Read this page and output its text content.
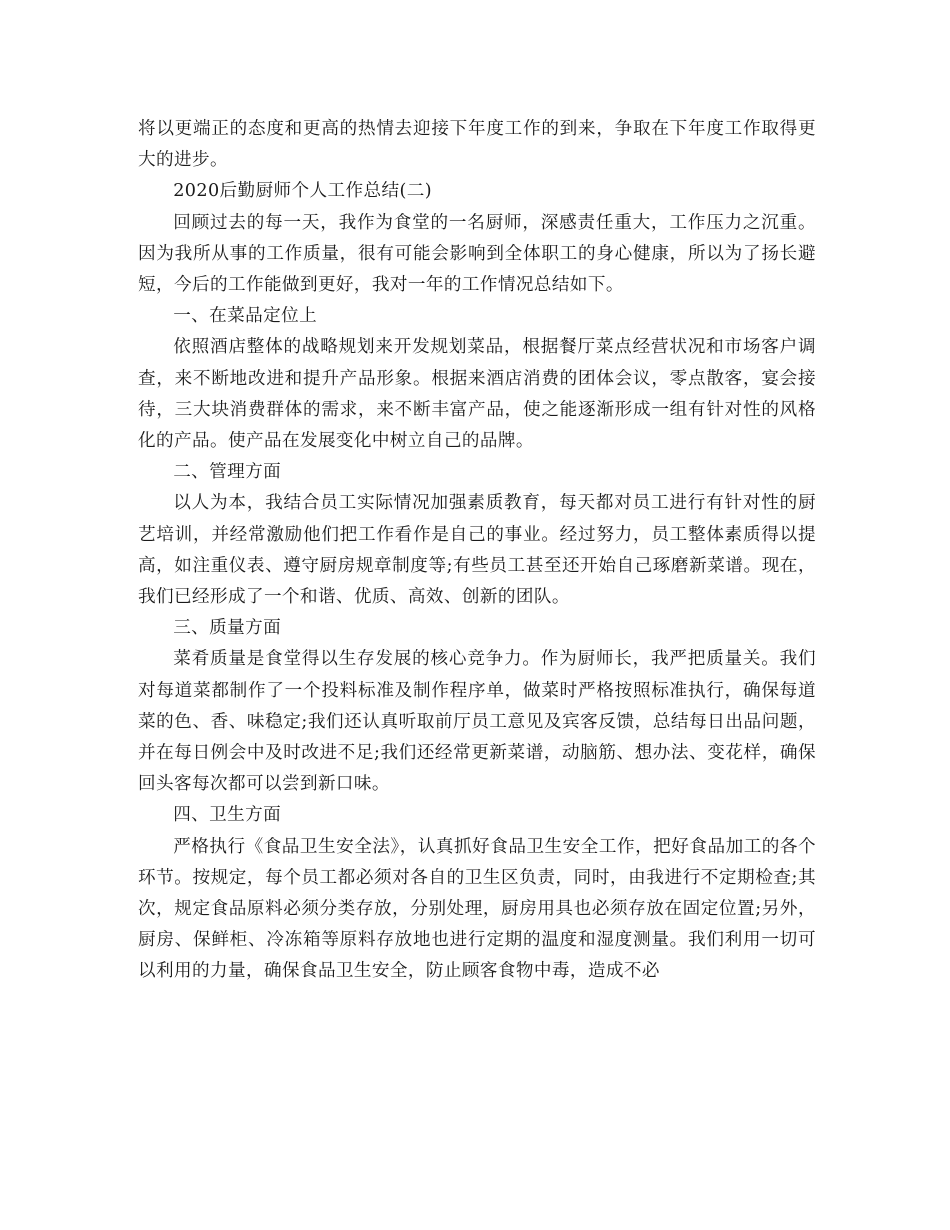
将以更端正的态度和更高的热情去迎接下年度工作的到来，争取在下年度工作取得更大的进步。

2020后勤厨师个人工作总结(二)

回顾过去的每一天，我作为食堂的一名厨师，深感责任重大，工作压力之沉重。因为我所从事的工作质量，很有可能会影响到全体职工的身心健康，所以为了扬长避短，今后的工作能做到更好，我对一年的工作情况总结如下。

一、在菜品定位上

依照酒店整体的战略规划来开发规划菜品，根据餐厅菜点经营状况和市场客户调查，来不断地改进和提升产品形象。根据来酒店消费的团体会议，零点散客，宴会接待，三大块消费群体的需求，来不断丰富产品，使之能逐渐形成一组有针对性的风格化的产品。使产品在发展变化中树立自己的品牌。

二、管理方面

以人为本，我结合员工实际情况加强素质教育，每天都对员工进行有针对性的厨艺培训，并经常激励他们把工作看作是自己的事业。经过努力，员工整体素质得以提高，如注重仪表、遵守厨房规章制度等;有些员工甚至还开始自己琢磨新菜谱。现在，我们已经形成了一个和谐、优质、高效、创新的团队。

三、质量方面

菜肴质量是食堂得以生存发展的核心竞争力。作为厨师长，我严把质量关。我们对每道菜都制作了一个投料标准及制作程序单，做菜时严格按照标准执行，确保每道菜的色、香、味稳定;我们还认真听取前厅员工意见及宾客反馈，总结每日出品问题，并在每日例会中及时改进不足;我们还经常更新菜谱，动脑筋、想办法、变花样，确保回头客每次都可以尝到新口味。

四、卫生方面

严格执行《食品卫生安全法》，认真抓好食品卫生安全工作，把好食品加工的各个环节。按规定，每个员工都必须对各自的卫生区负责，同时，由我进行不定期检查;其次，规定食品原料必须分类存放，分别处理，厨房用具也必须存放在固定位置;另外，厨房、保鲜柜、冷冻箱等原料存放地也进行定期的温度和湿度测量。我们利用一切可以利用的力量，确保食品卫生安全，防止顾客食物中毒，造成不必
